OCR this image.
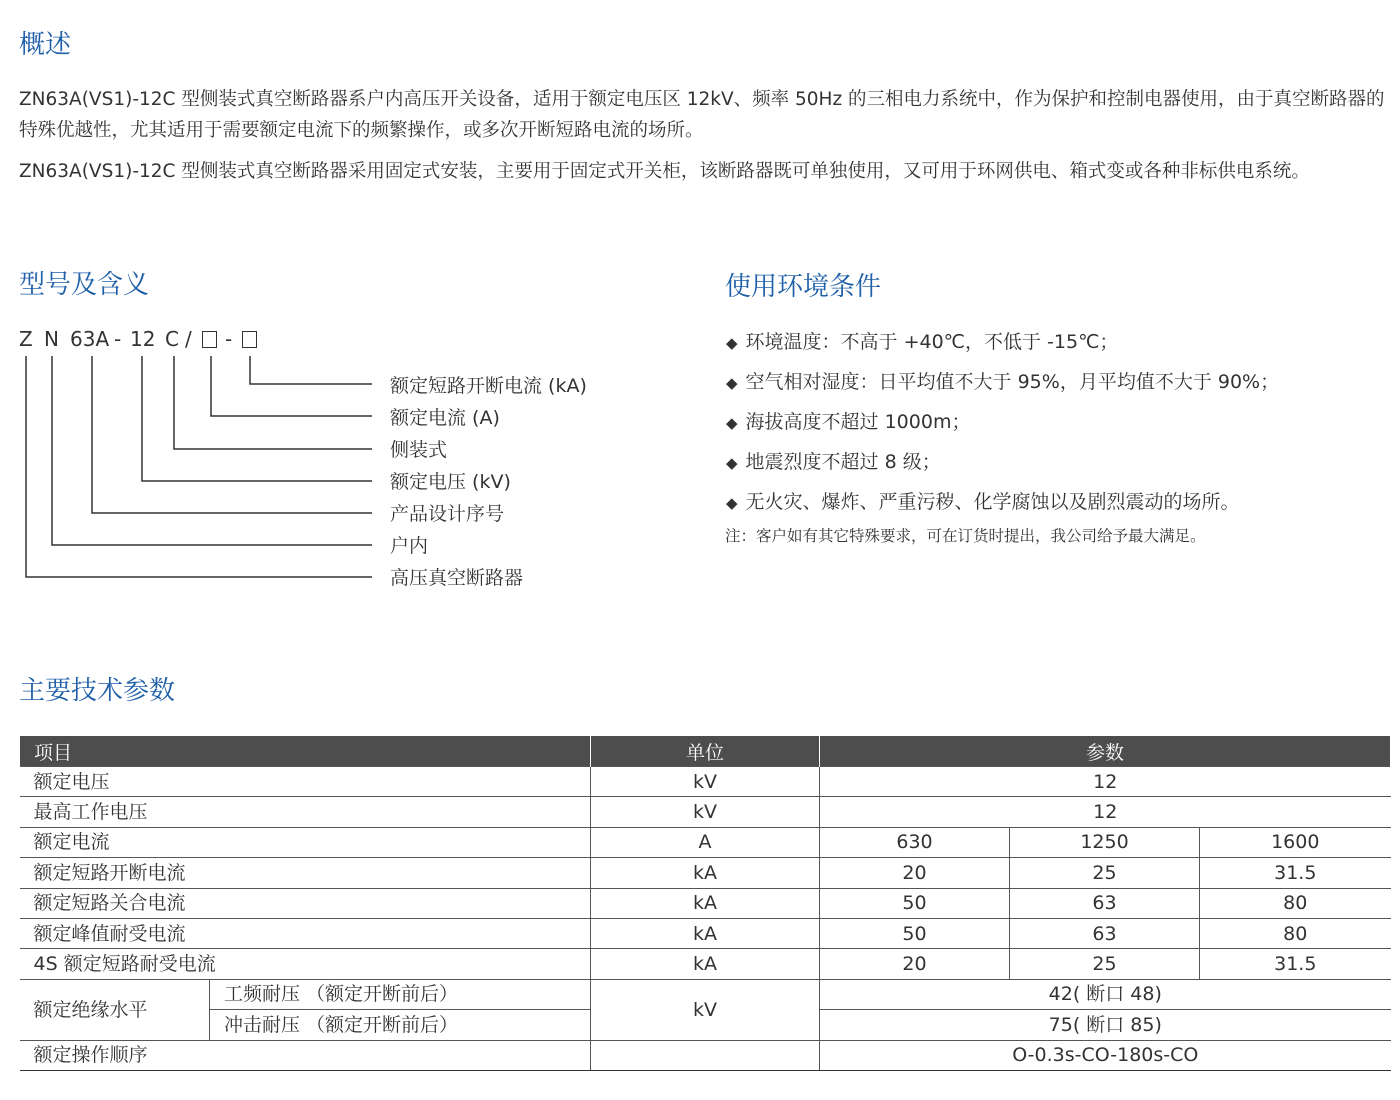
概述

ZN63A(VS1)-12C 型侧装式真空断路器系户内高压开关设备，适用于额定电压区 12kV、频率 50Hz 的三相电力系统中，作为保护和控制电器使用，由于真空断路器的特殊优越性，尤其适用于需要额定电流下的频繁操作，或多次开断短路电流的场所。

ZN63A(VS1)-12C 型侧装式真空断路器采用固定式安装，主要用于固定式开关柜，该断路器既可单独使用，又可用于环网供电、箱式变或各种非标供电系统。

型号及含义
Z N 63A - 12 C / -
额定短路开断电流 (kA)
额定电流 (A)
侧装式
额定电压 (kV)
产品设计序号
户内
高压真空断路器
使用环境条件
◆ 环境温度：不高于 +40℃，不低于 -15℃；
◆ 空气相对湿度：日平均值不大于 95%，月平均值不大于 90%；
◆ 海拔高度不超过 1000m；
◆ 地震烈度不超过 8 级；
◆ 无火灾、爆炸、严重污秽、化学腐蚀以及剧烈震动的场所。
注：客户如有其它特殊要求，可在订货时提出，我公司给予最大满足。
主要技术参数
项目		单位	参数		
额定电压		kV	12		
最高工作电压		kV	12		
额定电流		A	630	1250	1600
额定短路开断电流		kA	20	25	31.5
额定短路关合电流		kA	50	63	80
额定峰值耐受电流		kA	50	63	80
4S 额定短路耐受电流		kA	20	25	31.5
额定绝缘水平	工频耐压 （额定开断前后）	kV	42( 断口 48)		
	冲击耐压 （额定开断前后）		75( 断口 85)		
额定操作顺序			O-0.3s-CO-180s-CO		
